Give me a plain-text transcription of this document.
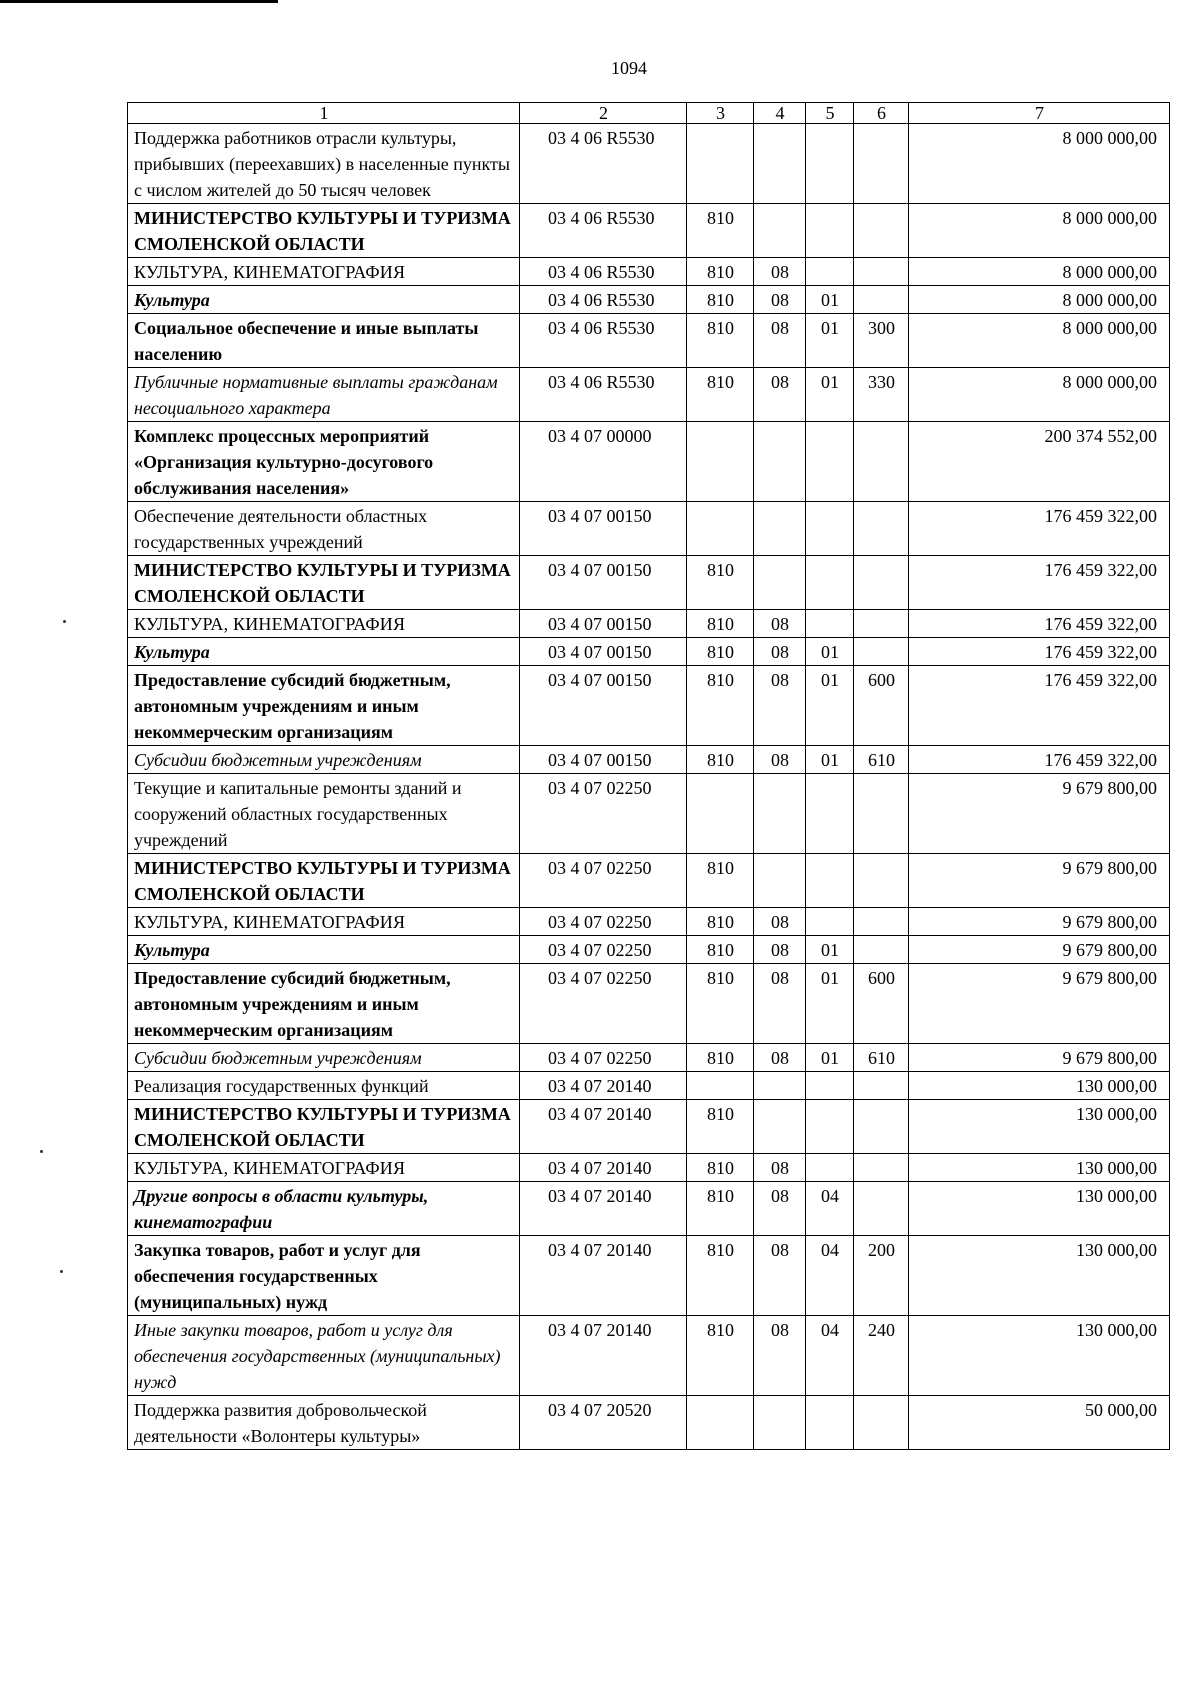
1094
1	2	3	4	5	6	7
Поддержка работников отрасли культуры, прибывших (переехавших) в населенные пункты с числом жителей до 50 тысяч человек	03 4 06 R5530					8 000 000,00
МИНИСТЕРСТВО КУЛЬТУРЫ И ТУРИЗМА СМОЛЕНСКОЙ ОБЛАСТИ	03 4 06 R5530	810				8 000 000,00
КУЛЬТУРА, КИНЕМАТОГРАФИЯ	03 4 06 R5530	810	08			8 000 000,00
Культура	03 4 06 R5530	810	08	01		8 000 000,00
Социальное обеспечение и иные выплаты населению	03 4 06 R5530	810	08	01	300	8 000 000,00
Публичные нормативные выплаты гражданам несоциального характера	03 4 06 R5530	810	08	01	330	8 000 000,00
Комплекс процессных мероприятий «Организация культурно-досугового обслуживания населения»	03 4 07 00000					200 374 552,00
Обеспечение деятельности областных государственных учреждений	03 4 07 00150					176 459 322,00
МИНИСТЕРСТВО КУЛЬТУРЫ И ТУРИЗМА СМОЛЕНСКОЙ ОБЛАСТИ	03 4 07 00150	810				176 459 322,00
КУЛЬТУРА, КИНЕМАТОГРАФИЯ	03 4 07 00150	810	08			176 459 322,00
Культура	03 4 07 00150	810	08	01		176 459 322,00
Предоставление субсидий бюджетным, автономным учреждениям и иным некоммерческим организациям	03 4 07 00150	810	08	01	600	176 459 322,00
Субсидии бюджетным учреждениям	03 4 07 00150	810	08	01	610	176 459 322,00
Текущие и капитальные ремонты зданий и сооружений областных государственных учреждений	03 4 07 02250					9 679 800,00
МИНИСТЕРСТВО КУЛЬТУРЫ И ТУРИЗМА СМОЛЕНСКОЙ ОБЛАСТИ	03 4 07 02250	810				9 679 800,00
КУЛЬТУРА, КИНЕМАТОГРАФИЯ	03 4 07 02250	810	08			9 679 800,00
Культура	03 4 07 02250	810	08	01		9 679 800,00
Предоставление субсидий бюджетным, автономным учреждениям и иным некоммерческим организациям	03 4 07 02250	810	08	01	600	9 679 800,00
Субсидии бюджетным учреждениям	03 4 07 02250	810	08	01	610	9 679 800,00
Реализация государственных функций	03 4 07 20140					130 000,00
МИНИСТЕРСТВО КУЛЬТУРЫ И ТУРИЗМА СМОЛЕНСКОЙ ОБЛАСТИ	03 4 07 20140	810				130 000,00
КУЛЬТУРА, КИНЕМАТОГРАФИЯ	03 4 07 20140	810	08			130 000,00
Другие вопросы в области культуры, кинематографии	03 4 07 20140	810	08	04		130 000,00
Закупка товаров, работ и услуг для обеспечения государственных (муниципальных) нужд	03 4 07 20140	810	08	04	200	130 000,00
Иные закупки товаров, работ и услуг для обеспечения государственных (муниципальных) нужд	03 4 07 20140	810	08	04	240	130 000,00
Поддержка развития добровольческой деятельности «Волонтеры культуры»	03 4 07 20520					50 000,00
